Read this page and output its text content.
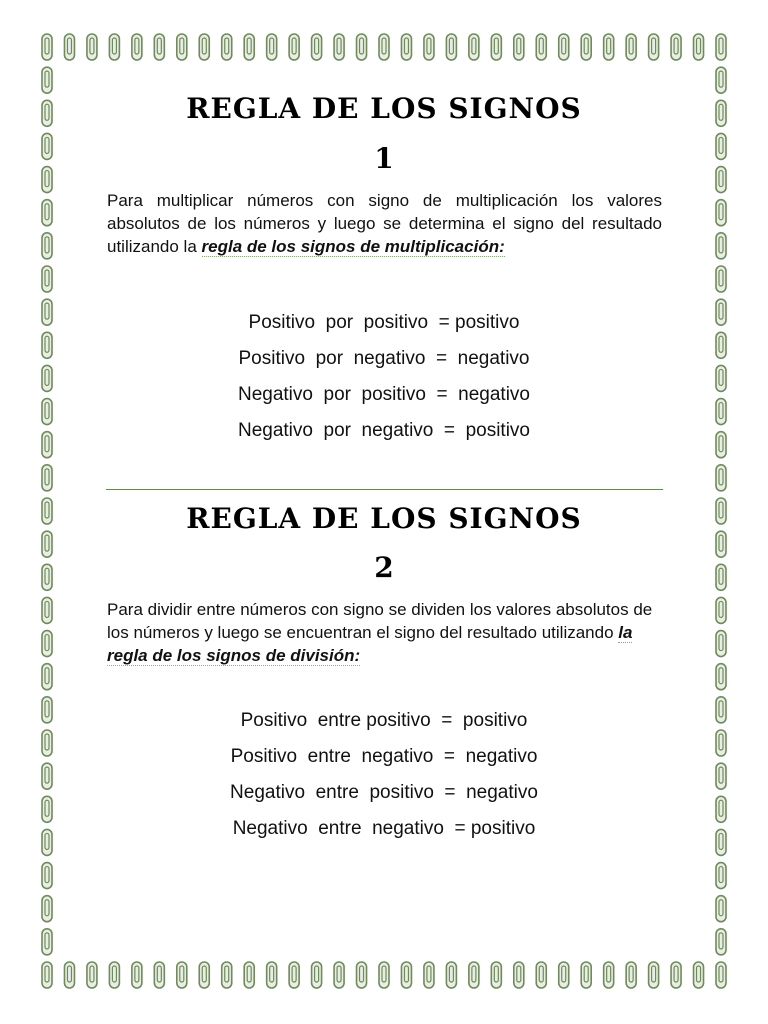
REGLA DE LOS SIGNOS
1
Para multiplicar números con signo de multiplicación los valores absolutos de los números y luego se determina el signo del resultado utilizando la regla de los signos de multiplicación:
Positivo  por  positivo  = positivo
Positivo  por  negativo  =  negativo
Negativo  por  positivo  =  negativo
Negativo  por  negativo  =  positivo
REGLA DE LOS SIGNOS
2
Para dividir entre números con signo se dividen los valores absolutos de los números y luego se encuentran el signo del resultado utilizando la regla de los signos de división:
Positivo  entre positivo  =  positivo
Positivo  entre  negativo  =  negativo
Negativo  entre  positivo  =  negativo
Negativo  entre  negativo  = positivo
